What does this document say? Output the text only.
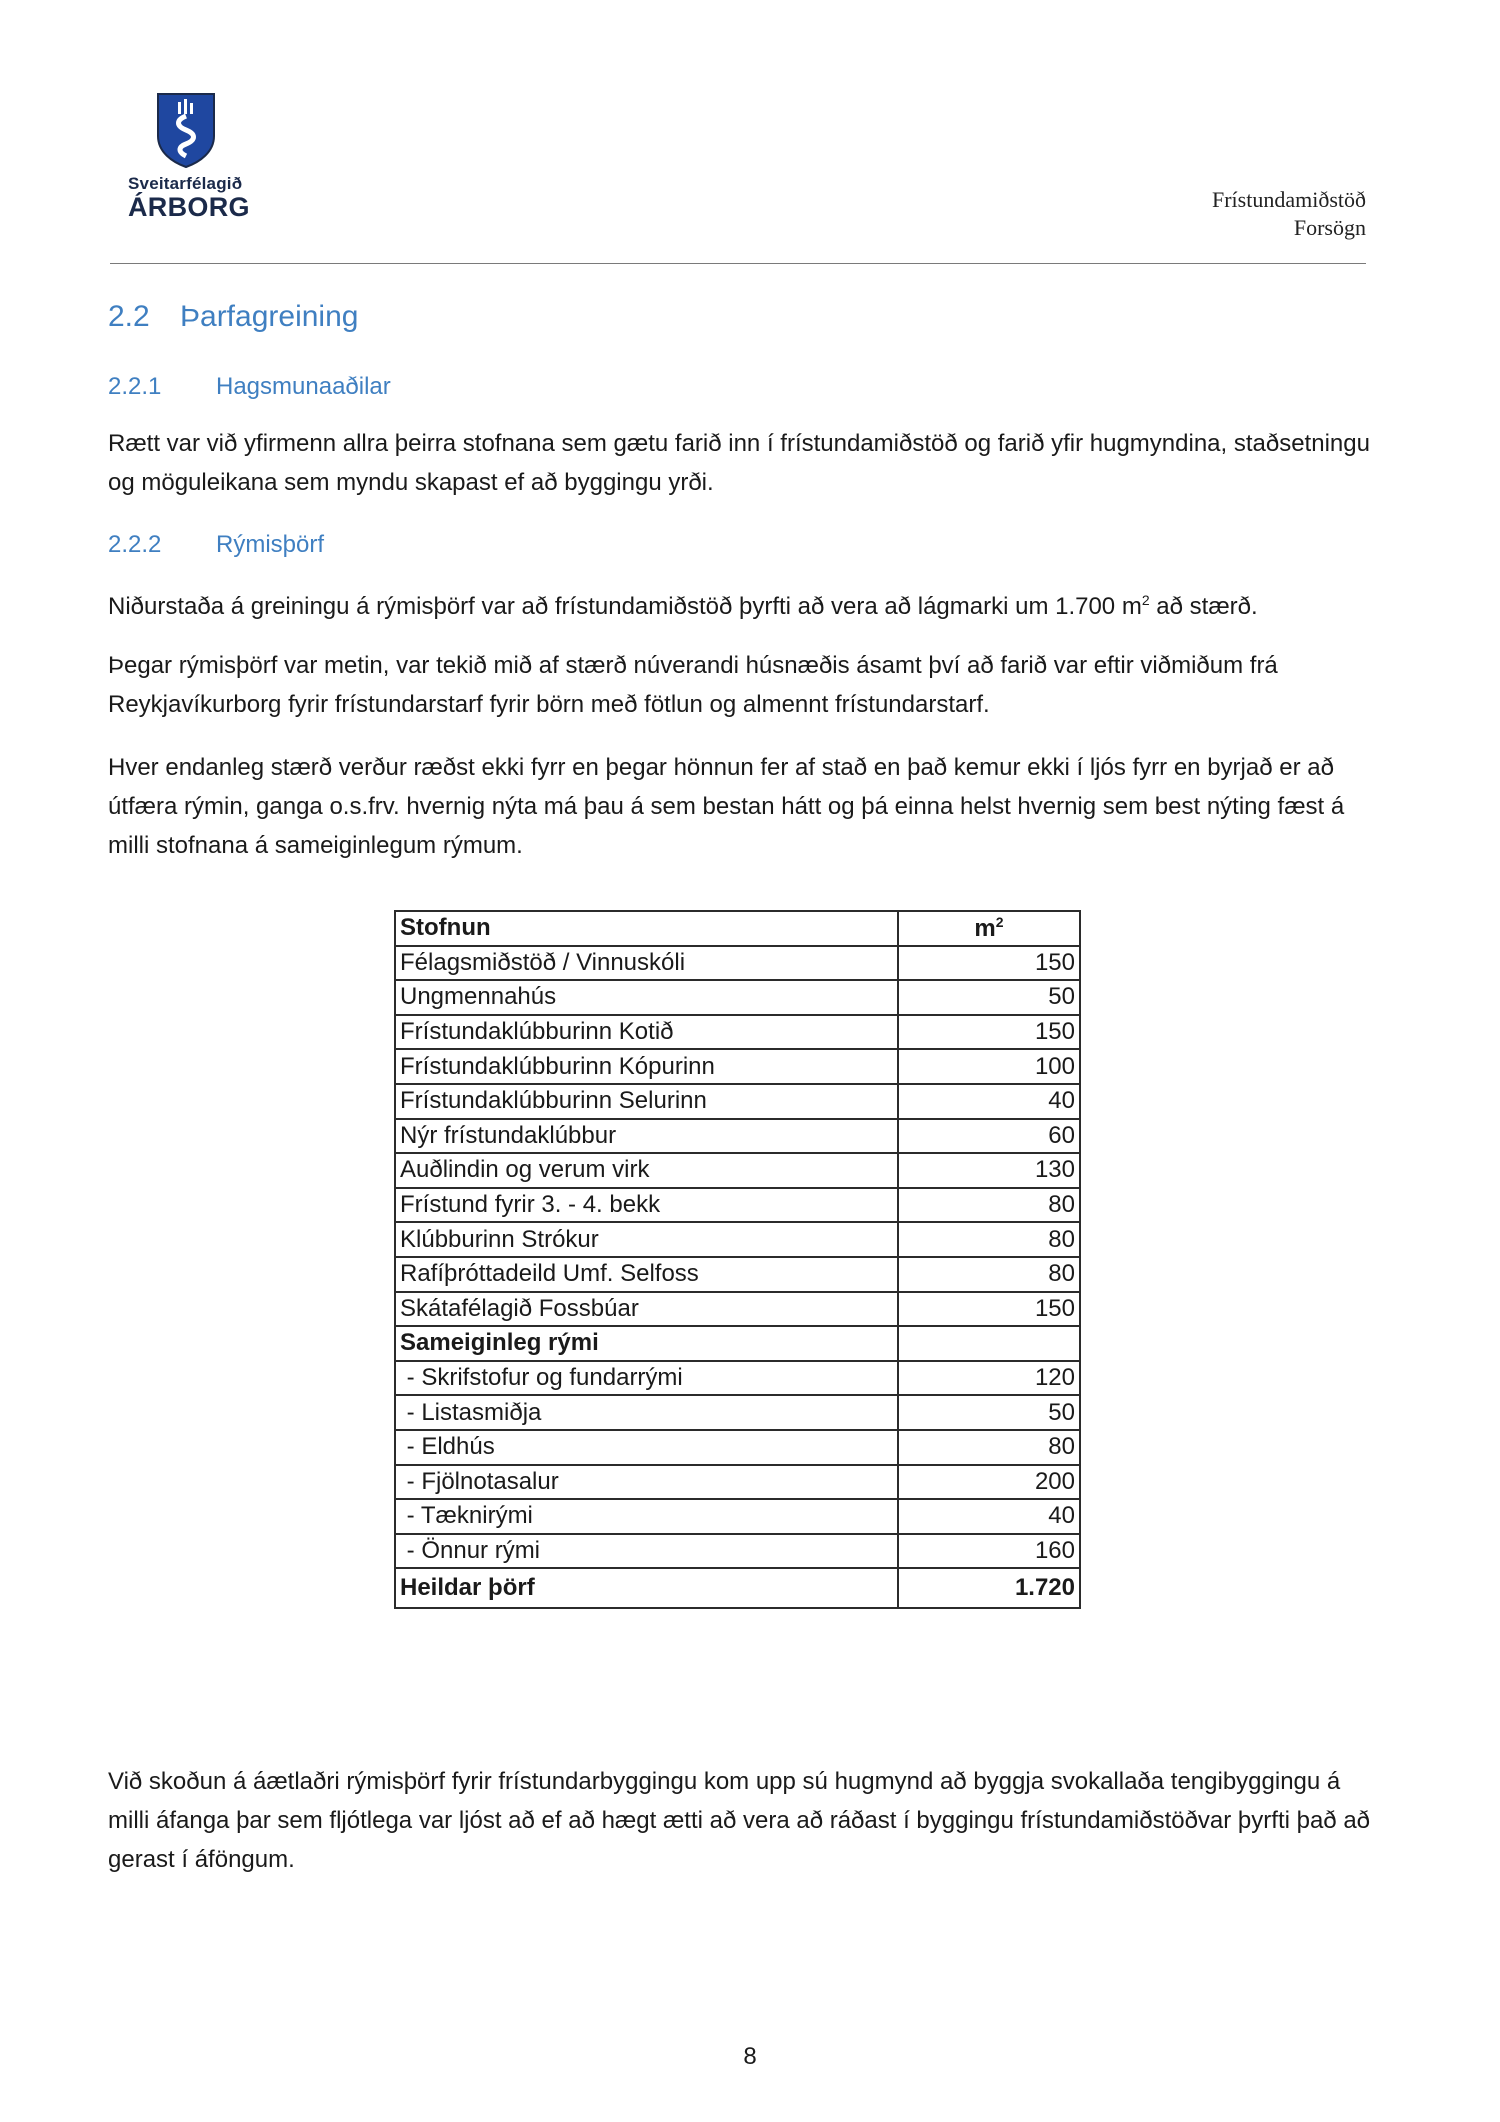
Sveitarfélagið
ÁRBORG	Frístundamiðstöð
Forsögn
2.2 Þarfagreining
2.2.1 Hagsmunaaðilar
Rætt var við yfirmenn allra þeirra stofnana sem gætu farið inn í frístundamiðstöð og farið yfir hugmyndina, staðsetningu og möguleikana sem myndu skapast ef að byggingu yrði.
2.2.2 Rýmisþörf
Niðurstaða á greiningu á rýmisþörf var að frístundamiðstöð þyrfti að vera að lágmarki um 1.700 $m^2$ að stærð.
Þegar rýmisþörf var metin, var tekið mið af stærð núverandi húsnæðis ásamt því að farið var eftir viðmiðum frá Reykjavíkurborg fyrir frístundarstarf fyrir börn með fötlun og almennt frístundarstarf.
Hver endanleg stærð verður ræðst ekki fyrr en þegar hönnun fer af stað en það kemur ekki í ljós fyrr en byrjað er að útfæra rýmin, ganga o.s.frv. hvernig nýta má þau á sem bestan hátt og þá einna helst hvernig sem best nýting fæst á milli stofnana á sameiginlegum rýmum.
Stofnun	$m^2$
Félagsmiðstöð / Vinnuskóli	150
Ungmennahús	50
Frístundaklúbburinn Kotið	150
Frístundaklúbburinn Kópurinn	100
Frístundaklúbburinn Selurinn	40
Nýr frístundaklúbbur	60
Auðlindin og verum virk	130
Frístund fyrir 3. - 4. bekk	80
Klúbburinn Strókur	80
Rafíþróttadeild Umf. Selfoss	80
Skátafélagið Fossbúar	150
Sameiginleg rými	
- Skrifstofur og fundarrými	120
- Listasmiðja	50
- Eldhús	80
- Fjölnotasalur	200
- Tæknirými	40
- Önnur rými	160
Heildar þörf	1.720
Við skoðun á áætlaðri rýmisþörf fyrir frístundarbyggingu kom upp sú hugmynd að byggja svokallaða tengibyggingu á milli áfanga þar sem fljótlega var ljóst að ef að hægt ætti að vera að ráðast í byggingu frístundamiðstöðvar þyrfti það að gerast í áföngum.
8
